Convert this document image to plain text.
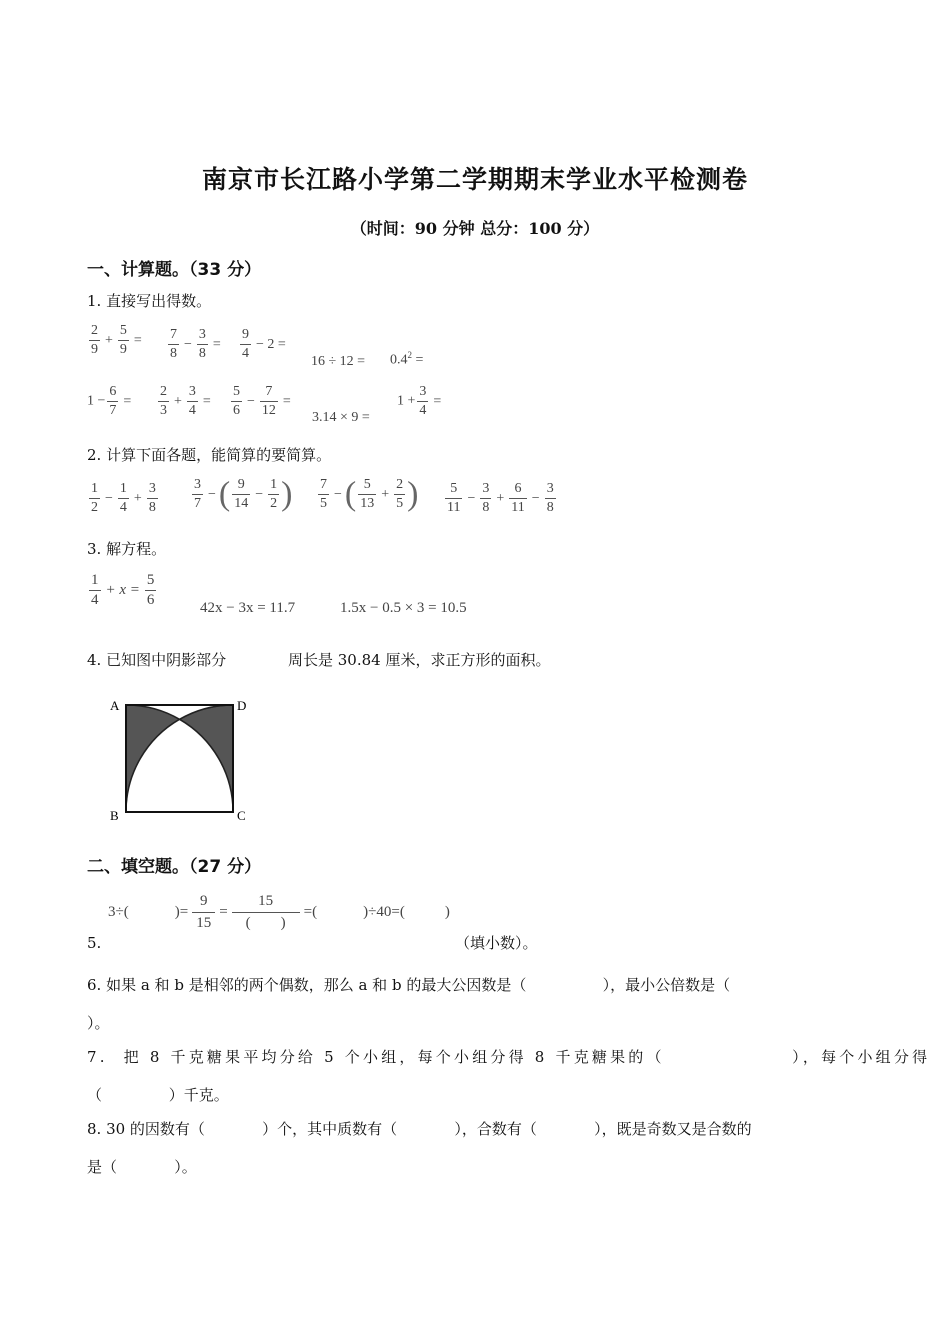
南京市长江路小学第二学期期末学业水平检测卷
（时间：90 分钟 总分：100 分）
一、计算题。（33 分）
1. 直接写出得数。
$\frac{2}{9} + \frac{5}{9} = \frac{7}{8} - \frac{3}{8} = \frac{9}{4} - 2$ =
$16 \div 12 = 0.4^2$ =
$1 - \frac{6}{7} = \frac{2}{3} + \frac{3}{4} = \frac{5}{6} - \frac{7}{12}$ =
3.14 × 9 =
$1 + \frac{3}{4}$ =
2. 计算下面各题，能简算的要简算。
$\frac{1}{2} - \frac{1}{4} + \frac{3}{8} \frac{3}{7}$ −( $\frac{9}{14} - \frac{1}{2}$ ) $\frac{7}{5}$ −( $\frac{5}{13} + \frac{2}{5}$ ) $\frac{5}{11} - \frac{3}{8} + \frac{6}{11} - \frac{3}{8}$
3. 解方程。
$\frac{1}{4} + x = \frac{5}{6}$	42x − 3x = 11.7	1.5x − 0.5 × 3 = 10.5
4. 已知图中阴影部分	周长是 30.84 厘米，求正方形的面积。
A	D
B	C
二、填空题。（27 分）
5.
3÷(	)= $\frac{9}{15} = \frac{15}{( )}$ =(	)÷40=(	)
（填小数）。
6. 如果 a 和 b 是相邻的两个偶数，那么 a 和 b 的最大公因数是（                ），最小公倍数是（
）。
7.  把 8 千克糖果平均分给 5 个小组，每个小组分得 8 千克糖果的（                ），每个小组分得
（              ）千克。
8. 30 的因数有（            ）个，其中质数有（            ），合数有（            ），既是奇数又是合数的
是（            ）。
